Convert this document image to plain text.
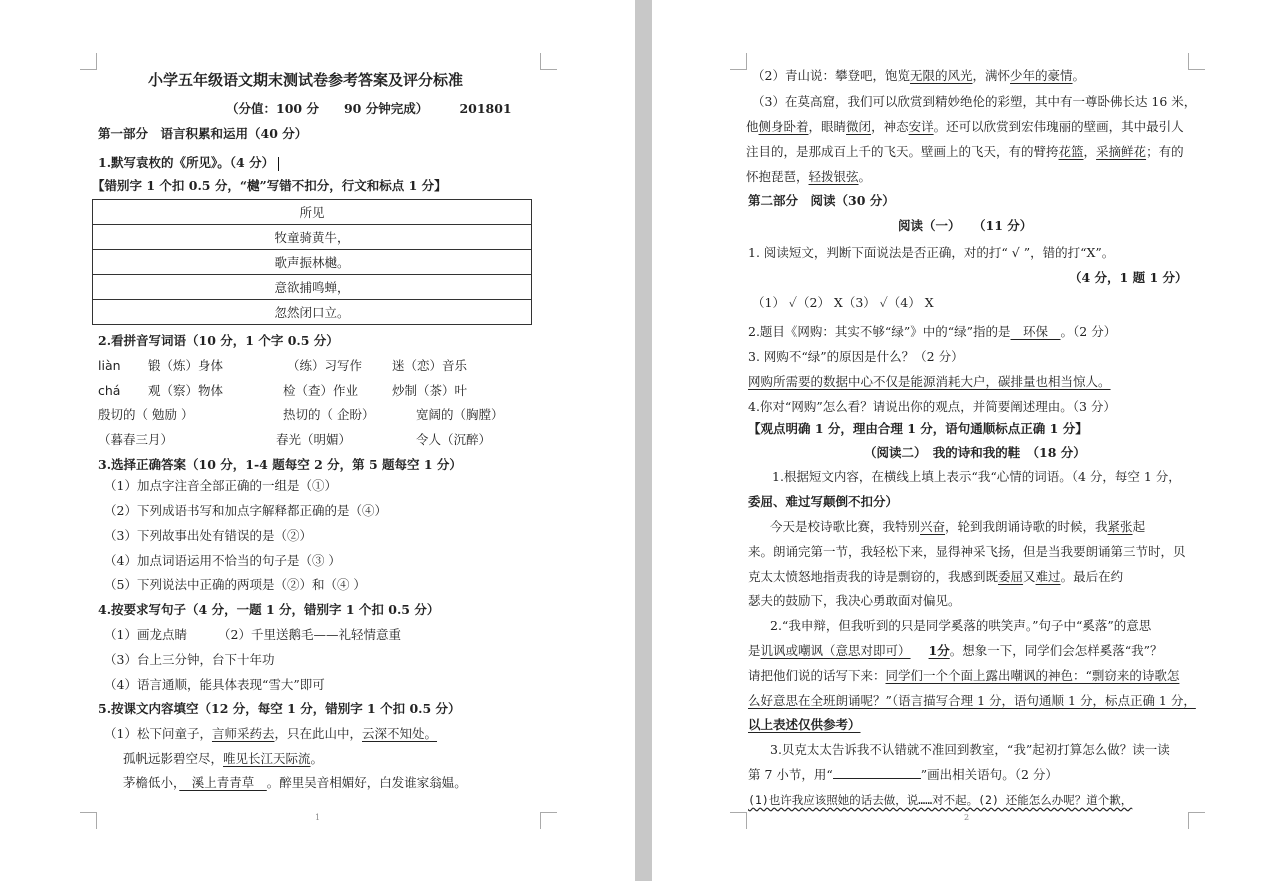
小学五年级语文期末测试卷参考答案及评分标准
（分值：100 分　　90 分钟完成）　　　201801
第一部分　语言积累和运用（40 分）
1.默写袁枚的《所见》。（4 分）
【错别字 1 个扣 0.5 分，“樾”写错不扣分，行文和标点 1 分】
所见
牧童骑黄牛，
歌声振林樾。
意欲捕鸣蝉，
忽然闭口立。
2.看拼音写词语（10 分，1 个字 0.5 分）
liàn 锻（炼）身体	（练）习写作 迷（恋）音乐
chá 观（察）物体	检（查）作业	炒制（茶）叶
殷切的（ 勉励 ）	热切的（ 企盼）	宽阔的（胸膛）
（暮春三月）	春光（明媚）	令人（沉醉）
3.选择正确答案（10 分，1-4 题每空 2 分，第 5 题每空 1 分）
（1）加点字注音全部正确的一组是（①）
（2）下列成语书写和加点字解释都正确的是（④）
（3）下列故事出处有错误的是（②）
（4）加点词语运用不恰当的句子是（③ ）
（5）下列说法中正确的两项是（②）和（④ ）
4.按要求写句子（4 分，一题 1 分，错别字 1 个扣 0.5 分）
（1）画龙点睛 （2）千里送鹅毛——礼轻情意重
（3）台上三分钟，台下十年功
（4）语言通顺，能具体表现“雪大”即可
5.按课文内容填空（12 分，每空 1 分，错别字 1 个扣 0.5 分）
（1）松下问童子，言师采药去，只在此山中，云深不知处。
孤帆远影碧空尽，唯见长江天际流。
茅檐低小，　溪上青青草　。醉里吴音相媚好，白发谁家翁媪。
1
（2）青山说：攀登吧，饱览无限的风光，满怀少年的豪情。
（3）在莫高窟，我们可以欣赏到精妙绝伦的彩塑，其中有一尊卧佛长达 16 米，
他侧身卧着，眼睛微闭，神态安详。还可以欣赏到宏伟瑰丽的壁画，其中最引人
注目的，是那成百上千的飞天。壁画上的飞天，有的臂挎花篮，采摘鲜花；有的
怀抱琵琶，轻拨银弦。
第二部分　阅读（30 分）
阅读（一）　　（11 分）
1. 阅读短文，判断下面说法是否正确，对的打“ √ ”，错的打“X”。
（4 分，1 题 1 分）
（1） ✓（2） X（3） ✓（4） X
2.题目《网购：其实不够“绿”》中的“绿”指的是　环保　。（2 分）
3. 网购不“绿”的原因是什么？（2 分）
网购所需要的数据中心不仅是能源消耗大户，碳排量也相当惊人。
4.你对“网购”怎么看？请说出你的观点，并简要阐述理由。（3 分）
【观点明确 1 分，理由合理 1 分，语句通顺标点正确 1 分】
（阅读二）　我的诗和我的鞋　（18 分）
1.根据短文内容，在横线上填上表示“我“心情的词语。（4 分，每空 1 分，
委屈、难过写颠倒不扣分）
今天是校诗歌比赛，我特别兴奋，轮到我朗诵诗歌的时候，我紧张起
来。朗诵完第一节，我轻松下来，显得神采飞扬，但是当我要朗诵第三节时，贝
克太太愤怒地指责我的诗是剽窃的，我感到既委屈又难过。最后在约
瑟夫的鼓励下，我决心勇敢面对偏见。
2.“我申辩，但我听到的只是同学奚落的哄笑声。”句子中“奚落”的意思
是讥讽或嘲讽（意思对即可） 1分。想象一下，同学们会怎样奚落“我”？
请把他们说的话写下来：同学们一个个面上露出嘲讽的神色：“剽窃来的诗歌怎
么好意思在全班朗诵呢？”（语言描写合理 1 分，语句通顺 1 分，标点正确 1 分，
以上表述仅供参考）
3.贝克太太告诉我不认错就不准回到教室，“我”起初打算怎么做？读一读
第 7 小节，用“	”画出相关语句。（2 分）
(1)也许我应该照她的话去做，说……对不起。(2) 还能怎么办呢？道个歉，
2
